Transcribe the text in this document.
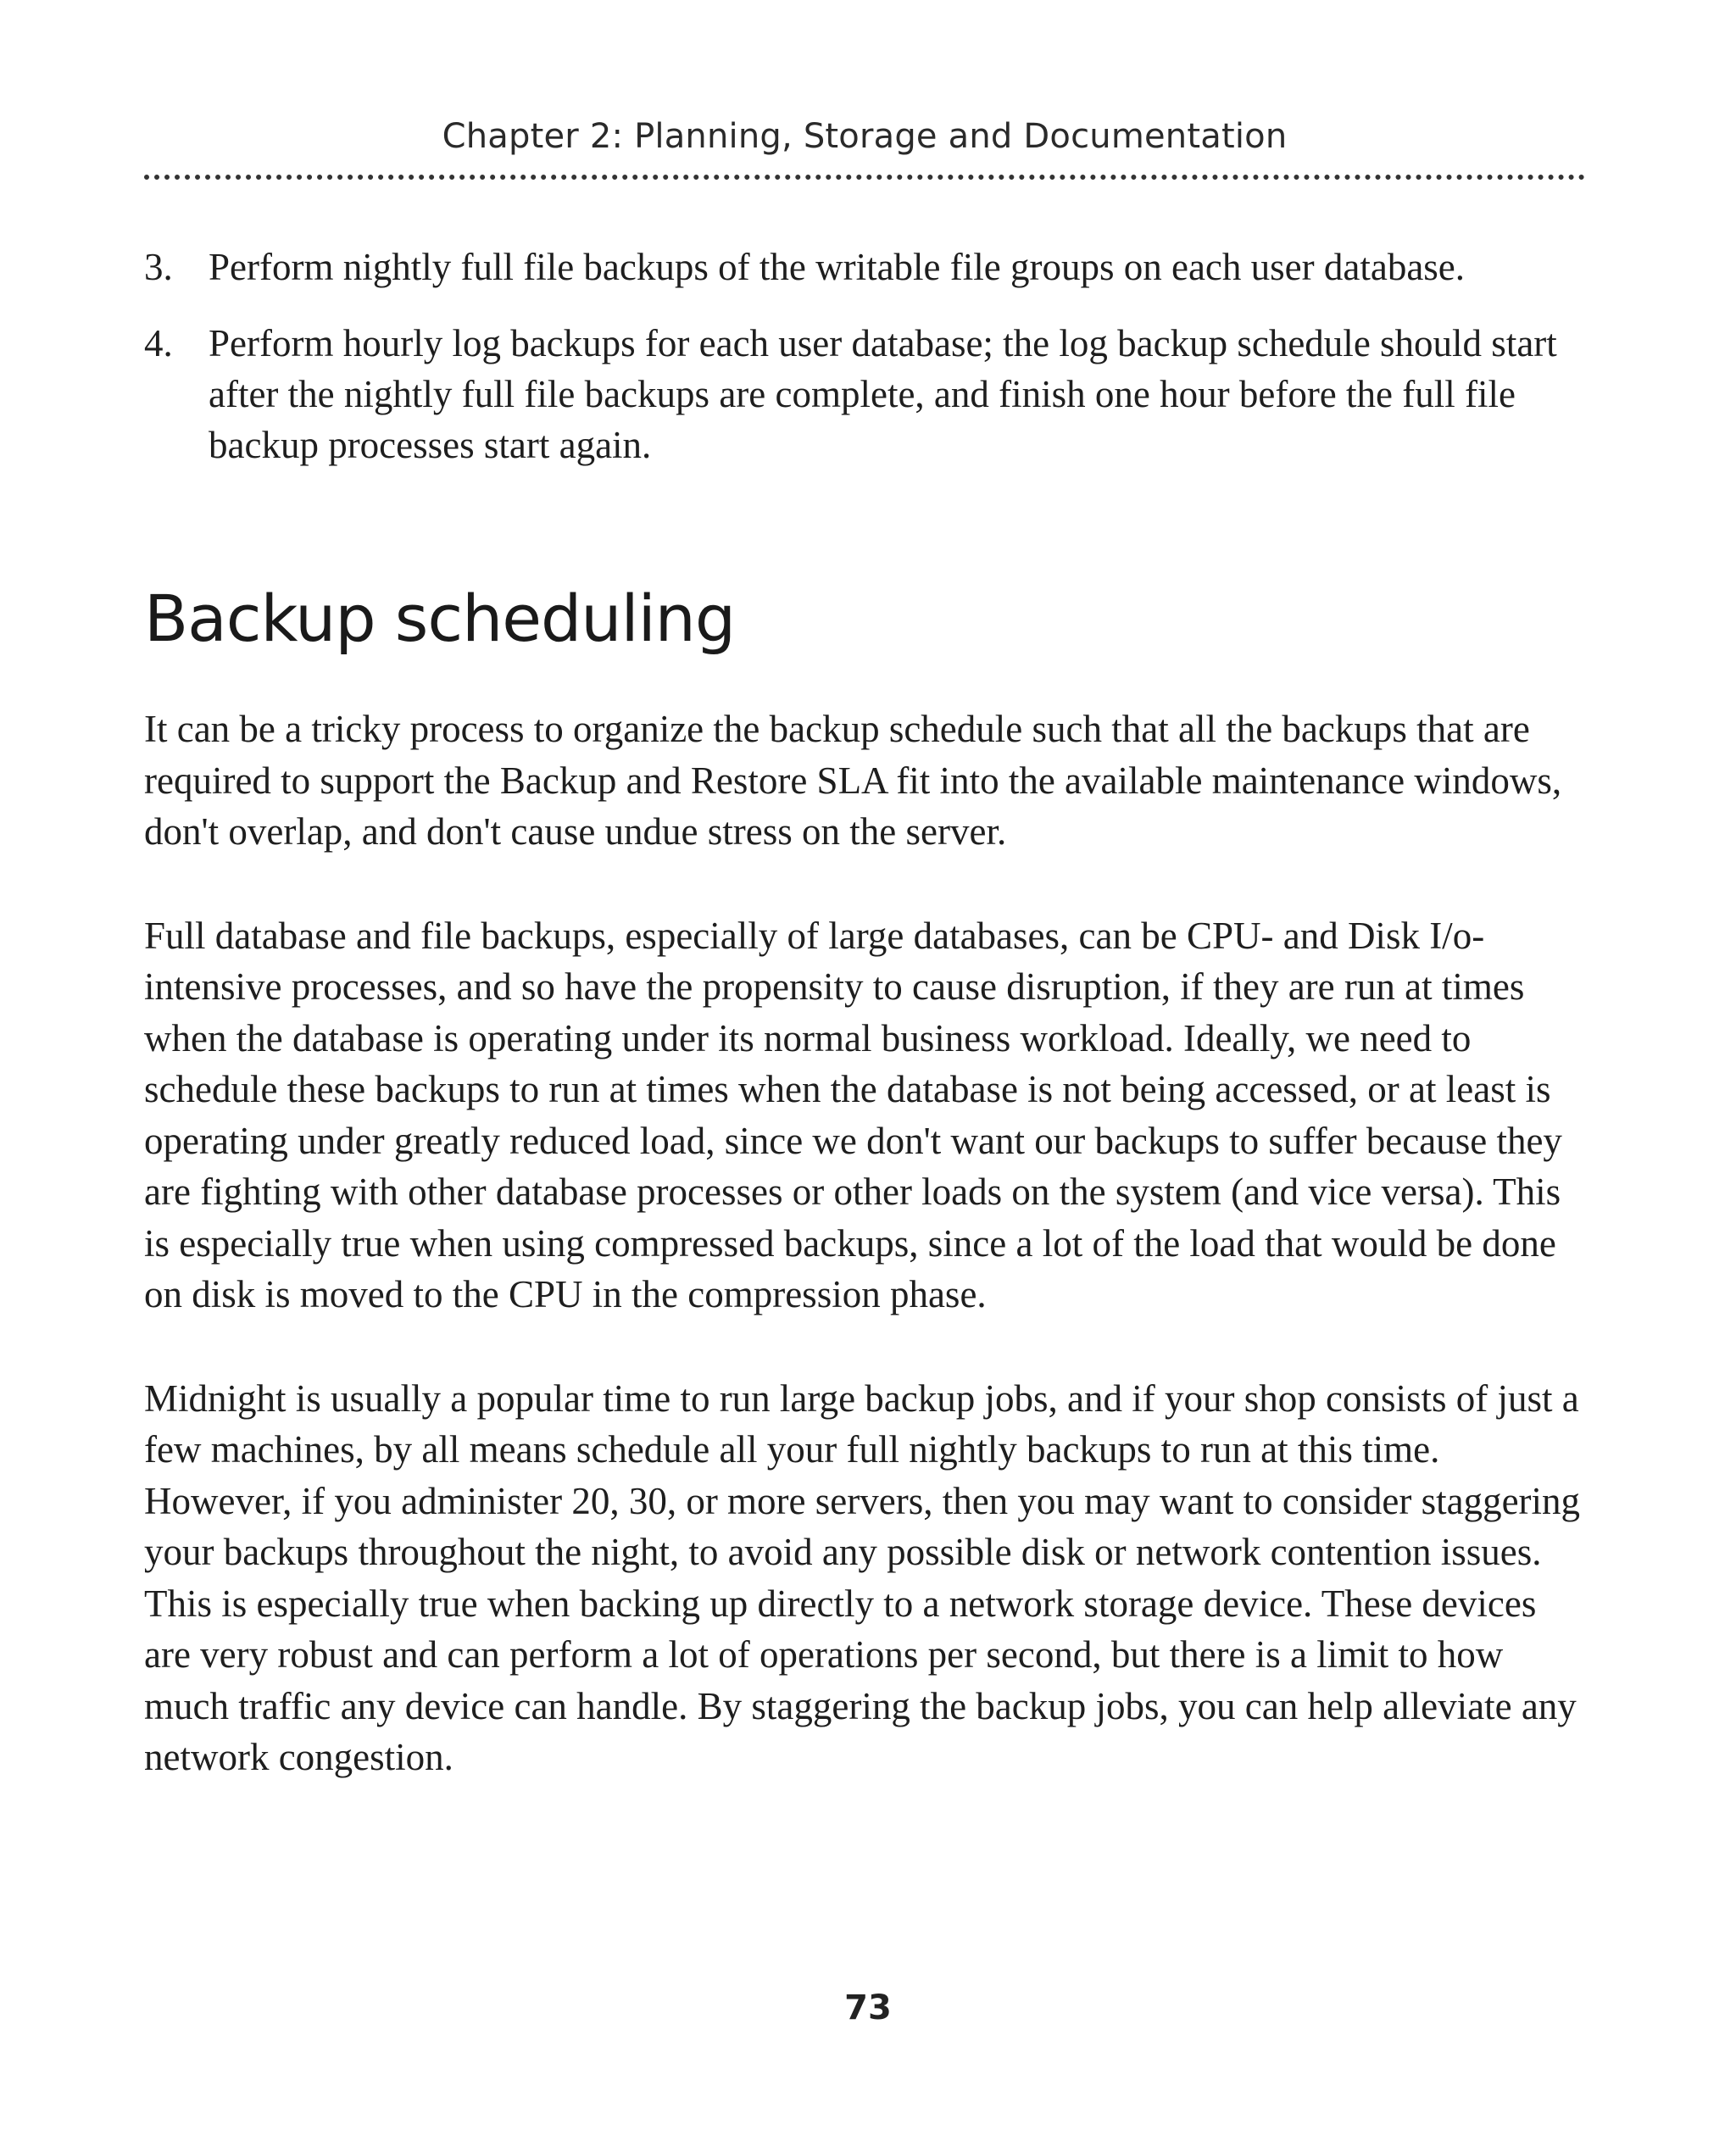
Chapter 2: Planning, Storage and Documentation
3. Perform nightly full file backups of the writable file groups on each user database.
4. Perform hourly log backups for each user database; the log backup schedule should start after the nightly full file backups are complete, and finish one hour before the full file backup processes start again.
Backup scheduling

It can be a tricky process to organize the backup schedule such that all the backups that are required to support the Backup and Restore SLA fit into the available maintenance windows, don't overlap, and don't cause undue stress on the server.

Full database and file backups, especially of large databases, can be CPU- and Disk I/o-intensive processes, and so have the propensity to cause disruption, if they are run at times when the database is operating under its normal business workload. Ideally, we need to schedule these backups to run at times when the database is not being accessed, or at least is operating under greatly reduced load, since we don't want our backups to suffer because they are fighting with other database processes or other loads on the system (and vice versa). This is especially true when using compressed backups, since a lot of the load that would be done on disk is moved to the CPU in the compression phase.

Midnight is usually a popular time to run large backup jobs, and if your shop consists of just a few machines, by all means schedule all your full nightly backups to run at this time. However, if you administer 20, 30, or more servers, then you may want to consider staggering your backups throughout the night, to avoid any possible disk or network contention issues. This is especially true when backing up directly to a network storage device. These devices are very robust and can perform a lot of operations per second, but there is a limit to how much traffic any device can handle. By staggering the backup jobs, you can help alleviate any network congestion.

73
